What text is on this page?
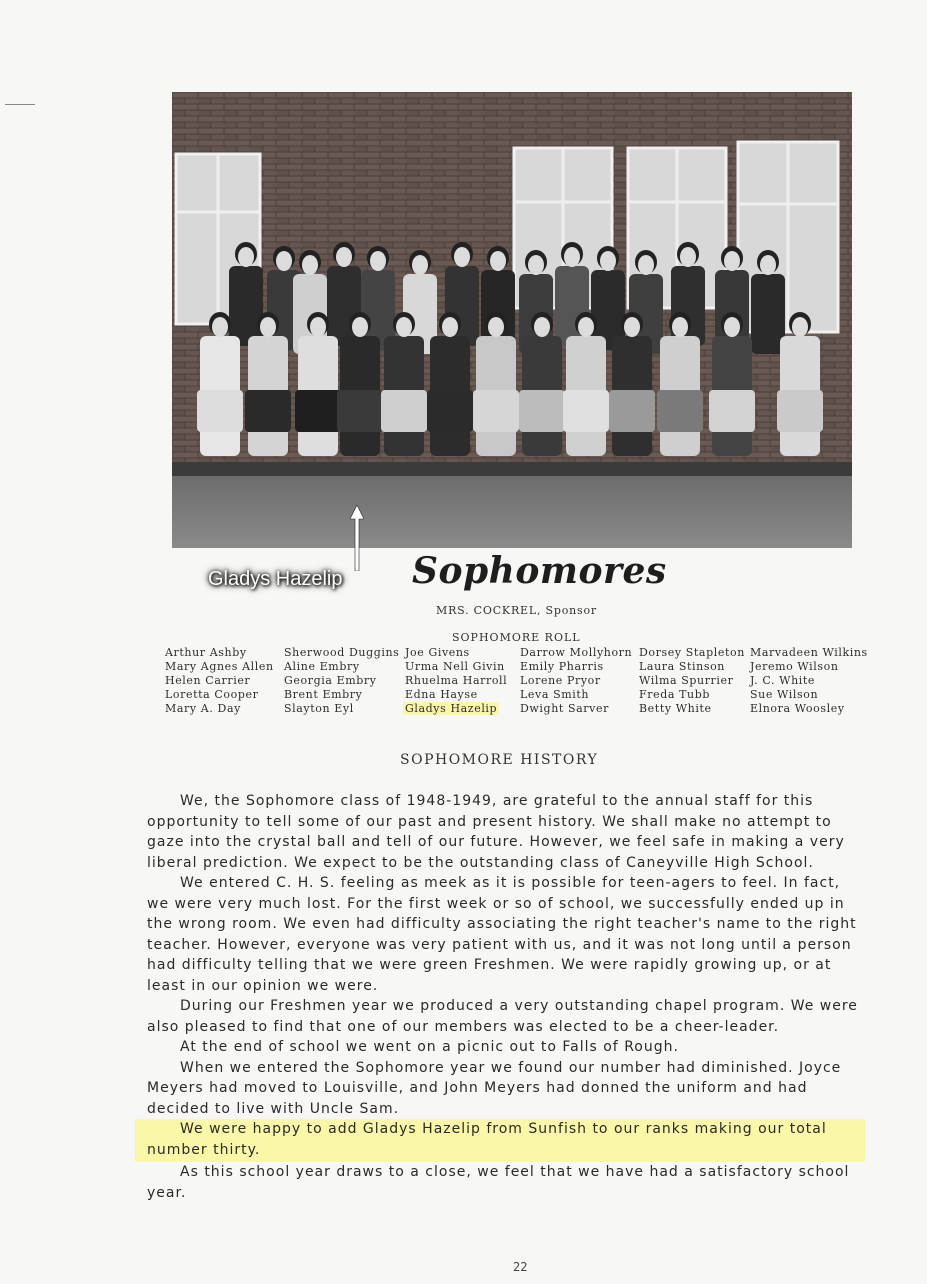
Gladys Hazelip Sophomores
MRS. COCKREL, Sponsor
SOPHOMORE ROLL
Arthur Ashby
Mary Agnes Allen
Helen Carrier
Loretta Cooper
Mary A. Day
Sherwood Duggins
Aline Embry
Georgia Embry
Brent Embry
Slayton Eyl
Joe Givens
Urma Nell Givin
Rhuelma Harroll
Edna Hayse
Gladys Hazelip
Darrow Mollyhorn
Emily Pharris
Lorene Pryor
Leva Smith
Dwight Sarver
Dorsey Stapleton
Laura Stinson
Wilma Spurrier
Freda Tubb
Betty White
Marvadeen Wilkins
Jeremo Wilson
J. C. White
Sue Wilson
Elnora Woosley
SOPHOMORE HISTORY

We, the Sophomore class of 1948-1949, are grateful to the annual staff for this opportunity to tell some of our past and present history. We shall make no attempt to gaze into the crystal ball and tell of our future. However, we feel safe in making a very liberal prediction. We expect to be the outstanding class of Caneyville High School.

We entered C. H. S. feeling as meek as it is possible for teen-agers to feel. In fact, we were very much lost. For the first week or so of school, we successfully ended up in the wrong room. We even had difficulty associating the right teacher's name to the right teacher. However, everyone was very patient with us, and it was not long until a person had difficulty telling that we were green Freshmen. We were rapidly growing up, or at least in our opinion we were.

During our Freshmen year we produced a very outstanding chapel program. We were also pleased to find that one of our members was elected to be a cheer-leader.

At the end of school we went on a picnic out to Falls of Rough.

When we entered the Sophomore year we found our number had diminished. Joyce Meyers had moved to Louisville, and John Meyers had donned the uniform and had decided to live with Uncle Sam.

We were happy to add Gladys Hazelip from Sunfish to our ranks making our total number thirty.

As this school year draws to a close, we feel that we have had a satisfactory school year.

22
